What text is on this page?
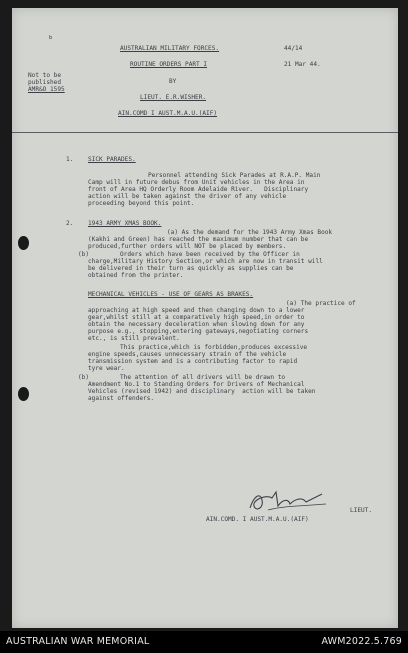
ᵇ
AUSTRALIAN MILITARY FORCES.	44/14
ROUTINE ORDERS PART I	21 Mar 44.
BY
LIEUT. E.R.WISHER.
AIN.COMD I AUST.M.A.U.(AIF)
Not to be
published
AMR&O 1595
1. SICK PARADES.
Personnel attending Sick Parades at R.A.P. Main
Camp will in future debus from Unit vehicles in the Area in
front of Area HQ Orderly Room Adelaide River.   Disciplinary
action will be taken against the driver of any vehicle
proceeding beyond this point.
2. 1943 ARMY XMAS BOOK.
(a) As the demand for the 1943 Army Xmas Book
(Kakhi and Green) has reached the maximum number that can be
produced,further orders will NOT be placed by members.
(b)	Orders which have been received by the Officer in
charge,Military History Section,or which are now in transit will
be delivered in their turn as quickly as supplies can be
obtained from the printer.
MECHANICAL VEHICLES - USE OF GEARS AS BRAKES.
(a) The practice of
approaching at high speed and then changing down to a lower
gear,whilst still at a comparatively high speed,in order to
obtain the necessary deceleration when slowing down for any
purpose e.g., stopping,entering gateways,negotiating corners
etc., is still prevalent.
This practice,which is forbidden,produces excessive
engine speeds,causes unnecessary strain of the vehicle
transmission system and is a contributing factor to rapid
tyre wear.
(b)	The attention of all drivers will be drawn to
Amendment No.1 to Standing Orders for Drivers of Mechanical
Vehicles (revised 1942) and disciplinary  action will be taken
against offenders.
LIEUT.
AIN.COMD. I AUST.M.A.U.(AIF)
AUSTRALIAN WAR MEMORIAL	AWM2022.5.769
